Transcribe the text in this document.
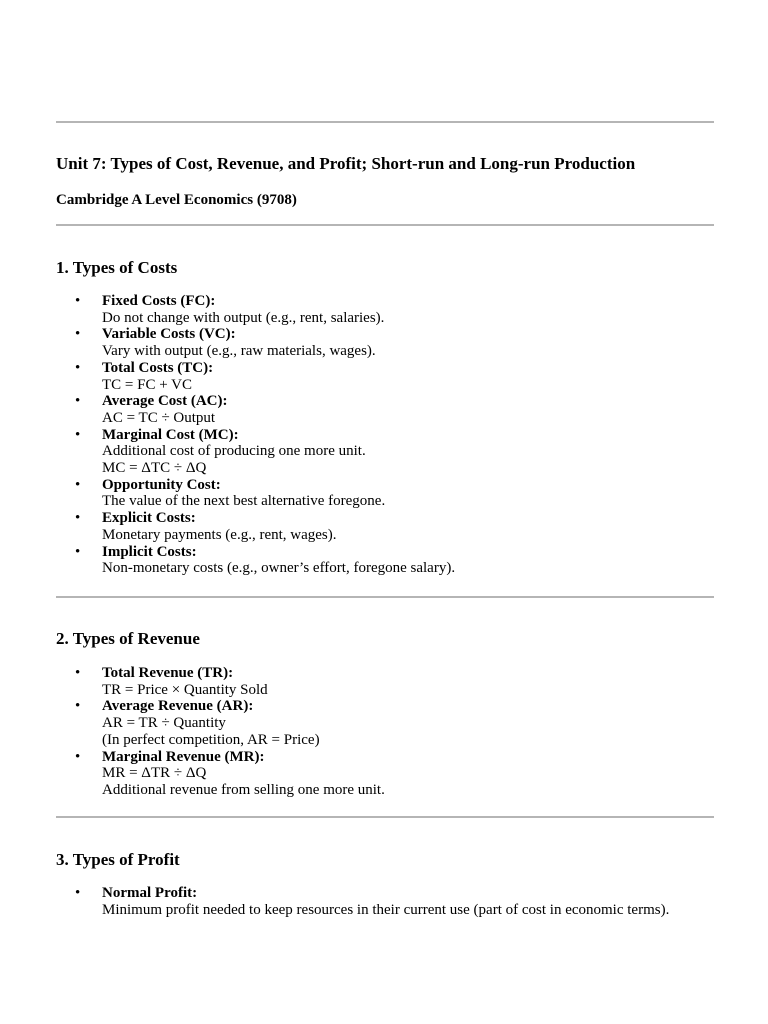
Unit 7: Types of Cost, Revenue, and Profit; Short-run and Long-run Production

Cambridge A Level Economics (9708)

1. Types of Costs
• Fixed Costs (FC):
Do not change with output (e.g., rent, salaries).
• Variable Costs (VC):
Vary with output (e.g., raw materials, wages).
• Total Costs (TC):
TC = FC + VC
• Average Cost (AC):
AC = TC ÷ Output
• Marginal Cost (MC):
Additional cost of producing one more unit.
MC = ΔTC ÷ ΔQ
• Opportunity Cost:
The value of the next best alternative foregone.
• Explicit Costs:
Monetary payments (e.g., rent, wages).
• Implicit Costs:
Non-monetary costs (e.g., owner’s effort, foregone salary).
2. Types of Revenue
• Total Revenue (TR):
TR = Price × Quantity Sold
• Average Revenue (AR):
AR = TR ÷ Quantity
(In perfect competition, AR = Price)
• Marginal Revenue (MR):
MR = ΔTR ÷ ΔQ
Additional revenue from selling one more unit.
3. Types of Profit
• Normal Profit:
Minimum profit needed to keep resources in their current use (part of cost in economic terms).
